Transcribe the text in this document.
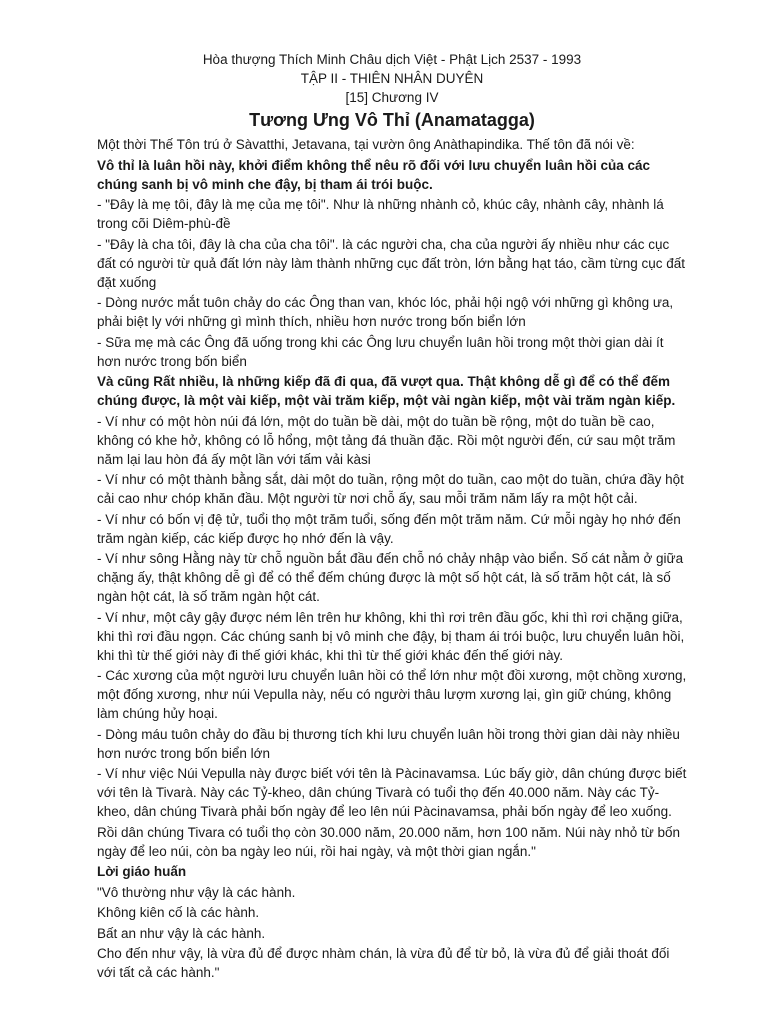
Hòa thượng Thích Minh Châu dịch Việt - Phật Lịch 2537 - 1993

TẬP II - THIÊN NHÂN DUYÊN

[15] Chương IV

Tương Ưng Vô Thỉ (Anamatagga)

Một thời Thế Tôn trú ở Sàvatthi, Jetavana, tại vườn ông Anàthapindika. Thế tôn đã nói về:

Vô thỉ là luân hồi này, khởi điểm không thể nêu rõ đối với lưu chuyển luân hồi của các chúng sanh bị vô minh che đậy, bị tham ái trói buộc.

- "Đây là mẹ tôi, đây là mẹ của mẹ tôi". Như là những nhành cỏ, khúc cây, nhành cây, nhành lá trong cõi Diêm-phù-đề

- "Đây là cha tôi, đây là cha của cha tôi". là các người cha, cha của người ấy nhiều như các cục đất có người từ quả đất lớn này làm thành những cục đất tròn, lớn bằng hạt táo, cầm từng cục đất đặt xuống

- Dòng nước mắt tuôn chảy do các Ông than van, khóc lóc, phải hội ngộ với những gì không ưa, phải biệt ly với những gì mình thích, nhiều hơn nước trong bốn biển lớn

- Sữa mẹ mà các Ông đã uống trong khi các Ông lưu chuyển luân hồi trong một thời gian dài ít hơn nước trong bốn biển

Và cũng Rất nhiều, là những kiếp đã đi qua, đã vượt qua. Thật không dễ gì để có thể đếm chúng được, là một vài kiếp, một vài trăm kiếp, một vài ngàn kiếp, một vài trăm ngàn kiếp.

- Ví như có một hòn núi đá lớn, một do tuần bề dài, một do tuần bề rộng, một do tuần bề cao, không có khe hở, không có lỗ hổng, một tảng đá thuần đặc. Rồi một người đến, cứ sau một trăm năm lại lau hòn đá ấy một lần với tấm vải kàsi

- Ví như có một thành bằng sắt, dài một do tuần, rộng một do tuần, cao một do tuần, chứa đầy hột cải cao như chóp khăn đầu. Một người từ nơi chỗ ấy, sau mỗi trăm năm lấy ra một hột cải.

- Ví như có bốn vị đệ tử, tuổi thọ một trăm tuổi, sống đến một trăm năm. Cứ mỗi ngày họ nhớ đến trăm ngàn kiếp, các kiếp được họ nhớ đến là vậy.

- Ví như sông Hằng này từ chỗ nguồn bắt đầu đến chỗ nó chảy nhập vào biển. Số cát nằm ở giữa chặng ấy, thật không dễ gì để có thể đếm chúng được là một số hột cát, là số trăm hột cát, là số ngàn hột cát, là số trăm ngàn hột cát.

- Ví như, một cây gậy được ném lên trên hư không, khi thì rơi trên đầu gốc, khi thì rơi chặng giữa, khi thì rơi đầu ngọn. Các chúng sanh bị vô minh che đậy, bị tham ái trói buộc, lưu chuyển luân hồi, khi thì từ thế giới này đi thế giới khác, khi thì từ thế giới khác đến thế giới này.

- Các xương của một người lưu chuyển luân hồi có thể lớn như một đồi xương, một chồng xương, một đống xương, như núi Vepulla này, nếu có người thâu lượm xương lại, gìn giữ chúng, không làm chúng hủy hoại.

- Dòng máu tuôn chảy do đầu bị thương tích khi lưu chuyển luân hồi trong thời gian dài này nhiều hơn nước trong bốn biển lớn

- Ví như việc Núi Vepulla này được biết với tên là Pàcinavamsa. Lúc bấy giờ, dân chúng được biết với tên là Tivarà. Này các Tỷ-kheo, dân chúng Tivarà có tuổi thọ đến 40.000 năm. Này các Tỷ-kheo, dân chúng Tivarà phải bốn ngày để leo lên núi Pàcinavamsa, phải bốn ngày để leo xuống.

Rồi dân chúng Tivara có tuổi thọ còn 30.000 năm, 20.000 năm, hơn 100 năm. Núi này nhỏ từ bốn ngày để leo núi, còn ba ngày leo núi, rồi hai ngày, và một thời gian ngắn."

Lời giáo huấn

"Vô thường như vậy là các hành.

Không kiên cố là các hành.

Bất an như vậy là các hành.

Cho đến như vậy, là vừa đủ để được nhàm chán, là vừa đủ để từ bỏ, là vừa đủ để giải thoát đối với tất cả các hành."
